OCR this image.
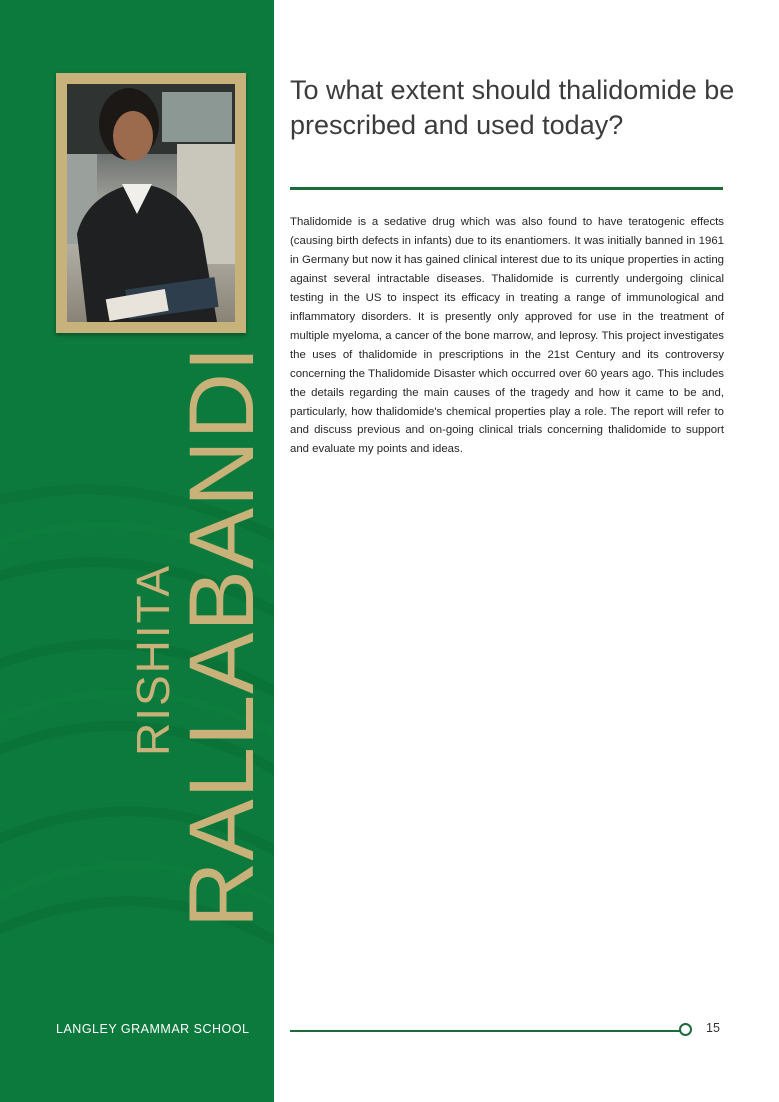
RISHITA
RALLABANDI
LANGLEY GRAMMAR SCHOOL
To what extent should thalidomide be prescribed and used today?

Thalidomide is a sedative drug which was also found to have teratogenic effects (causing birth defects in infants) due to its enantiomers. It was initially banned in 1961 in Germany but now it has gained clinical interest due to its unique properties in acting against several intractable diseases. Thalidomide is currently undergoing clinical testing in the US to inspect its efficacy in treating a range of immunological and inflammatory disorders. It is presently only approved for use in the treatment of multiple myeloma, a cancer of the bone marrow, and leprosy. This project investigates the uses of thalidomide in prescriptions in the 21st Century and its controversy concerning the Thalidomide Disaster which occurred over 60 years ago. This includes the details regarding the main causes of the tragedy and how it came to be and, particularly, how thalidomide's chemical properties play a role. The report will refer to and discuss previous and on-going clinical trials concerning thalidomide to support and evaluate my points and ideas.

15
